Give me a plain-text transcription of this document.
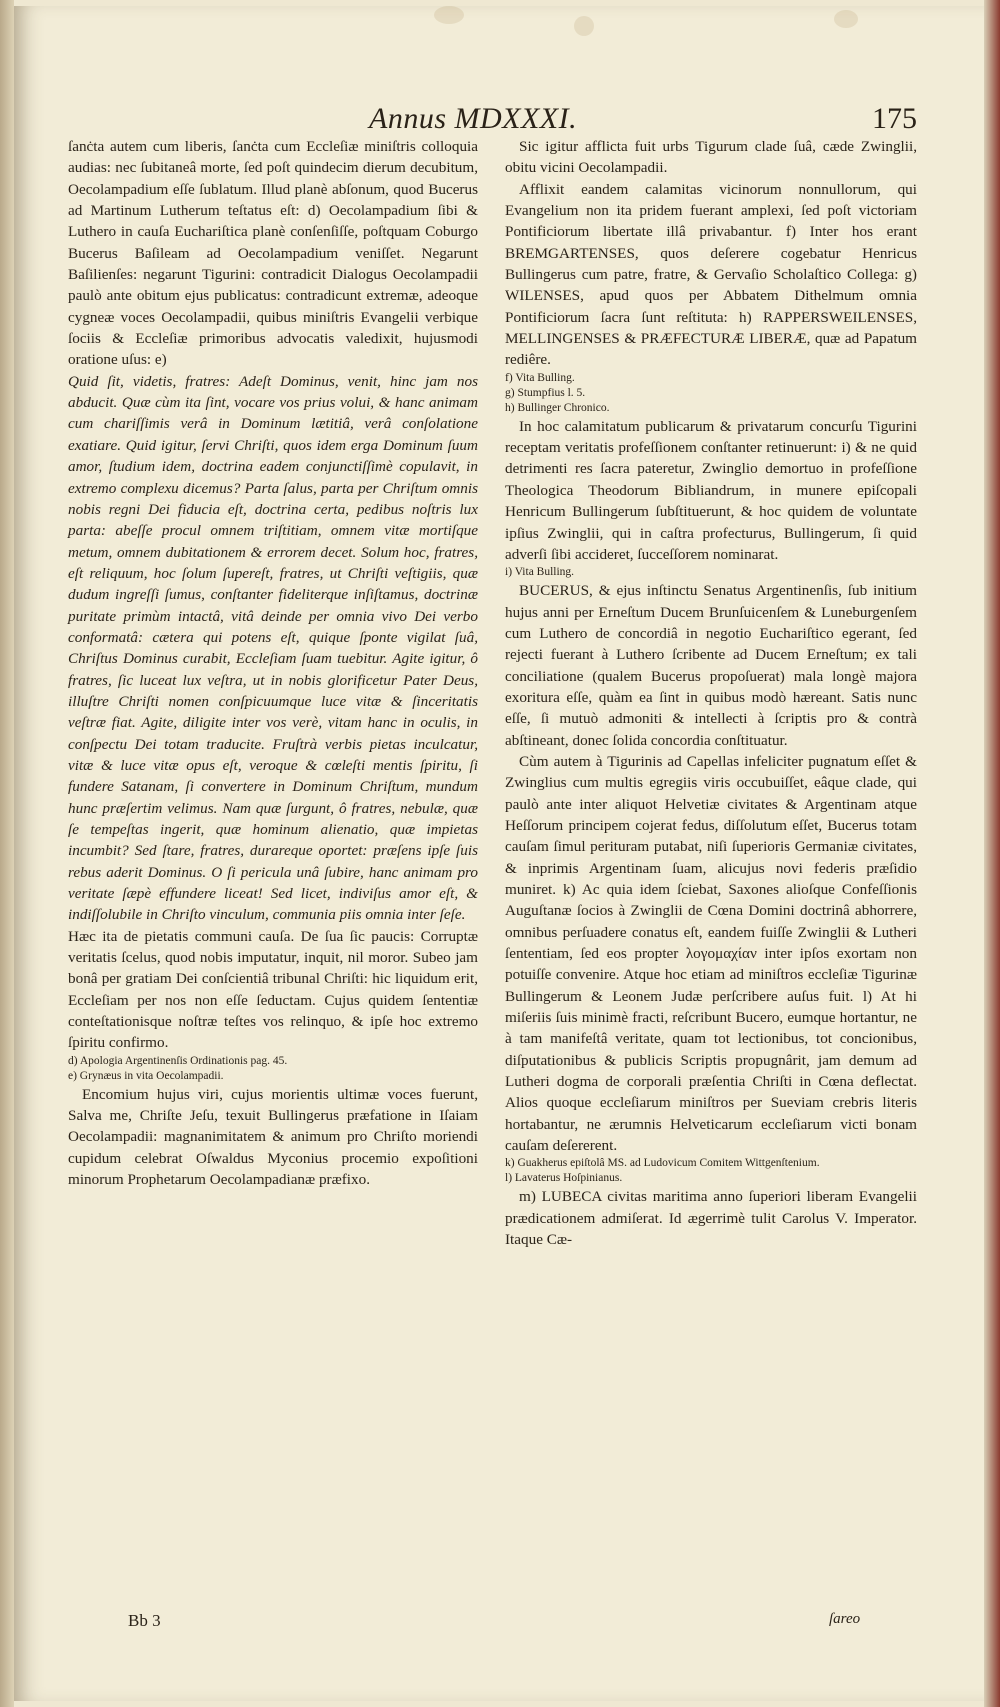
Annus MDXXXI.	175

ſanċta autem cum liberis, ſanċta cum Eccleſiæ miniſtris colloquia audias: nec ſubitaneâ morte, ſed poſt quindecim dierum decubitum, Oecolampadium eſſe ſublatum. Illud planè abſonum, quod Bucerus ad Martinum Lutherum teſtatus eſt: d) Oecolampadium ſibi & Luthero in cauſa Euchariſtica planè conſenſiſſe, poſtquam Coburgo Bucerus Baſileam ad Oecolampadium veniſſet. Negarunt Baſilienſes: negarunt Tigurini: contradicit Dialogus Oecolampadii paulò ante obitum ejus publicatus: contradicunt extremæ, adeoque cygneæ voces Oecolampadii, quibus miniſtris Evangelii verbique ſociis & Eccleſiæ primoribus advocatis valedixit, hujusmodi oratione uſus: e)

Quid ſit, videtis, fratres: Adeſt Dominus, venit, hinc jam nos abducit. Quæ cùm ita ſint, vocare vos prius volui, & hanc animam cum chariſſimis verâ in Dominum lætitiâ, verâ conſolatione exatiare. Quid igitur, ſervi Chriſti, quos idem erga Dominum ſuum amor, ſtudium idem, doctrina eadem conjunctiſſimè copulavit, in extremo complexu dicemus? Parta ſalus, parta per Chriſtum omnis nobis regni Dei fiducia eſt, doctrina certa, pedibus noſtris lux parta: abeſſe procul omnem triſtitiam, omnem vitæ mortiſque metum, omnem dubitationem & errorem decet. Solum hoc, fratres, eſt reliquum, hoc ſolum ſupereſt, fratres, ut Chriſti veſtigiis, quæ dudum ingreſſi ſumus, conſtanter fideliterque inſiſtamus, doctrinæ puritate primùm intactâ, vitâ deinde per omnia vivo Dei verbo conformatâ: cætera qui potens eſt, quique ſponte vigilat ſuâ, Chriſtus Dominus curabit, Eccleſiam ſuam tuebitur. Agite igitur, ô fratres, ſic luceat lux veſtra, ut in nobis glorificetur Pater Deus, illuſtre Chriſti nomen conſpicuumque luce vitæ & ſinceritatis veſtræ fiat. Agite, diligite inter vos verè, vitam hanc in oculis, in conſpectu Dei totam traducite. Fruſtrà verbis pietas inculcatur, vitæ & luce vitæ opus eſt, veroque & cœleſti mentis ſpiritu, ſi fundere Satanam, ſi convertere in Dominum Chriſtum, mundum hunc præſertim velimus. Nam quæ ſurgunt, ô fratres, nebulæ, quæ ſe tempeſtas ingerit, quæ hominum alienatio, quæ impietas incumbit? Sed ſtare, fratres, durareque oportet: præſens ipſe ſuis rebus aderit Dominus. O ſi pericula unâ ſubire, hanc animam pro veritate ſæpè effundere liceat! Sed licet, indiviſus amor eſt, & indiſſolubile in Chriſto vinculum, communia piis omnia inter ſeſe.

Hæc ita de pietatis communi cauſa. De ſua ſic paucis: Corruptæ veritatis ſcelus, quod nobis imputatur, inquit, nil moror. Subeo jam bonâ per gratiam Dei conſcientiâ tribunal Chriſti: hic liquidum erit, Eccleſiam per nos non eſſe ſeductam. Cujus quidem ſententiæ conteſtationisque noſtræ teſtes vos relinquo, & ipſe hoc extremo ſpiritu confirmo.

d) Apologia Argentinenſis Ordinationis pag. 45.

e) Grynæus in vita Oecolampadii.

Encomium hujus viri, cujus morientis ultimæ voces fuerunt, Salva me, Chriſte Jeſu, texuit Bullingerus præfatione in Iſaiam Oecolampadii: magnanimitatem & animum pro Chriſto moriendi cupidum celebrat Oſwaldus Myconius procemio expoſitioni minorum Prophetarum Oecolampadianæ præfixo.

Sic igitur afflicta fuit urbs Tigurum clade ſuâ, cæde Zwinglii, obitu vicini Oecolampadii.

Afflixit eandem calamitas vicinorum nonnullorum, qui Evangelium non ita pridem fuerant amplexi, ſed poſt victoriam Pontificiorum libertate illâ privabantur. f) Inter hos erant BREMGARTENSES, quos deſerere cogebatur Henricus Bullingerus cum patre, fratre, & Gervaſio Scholaſtico Collega: g) WILENSES, apud quos per Abbatem Dithelmum omnia Pontificiorum ſacra ſunt reſtituta: h) RAPPERSWEILENSES, MELLINGENSES & PRÆFECTURÆ LIBERÆ, quæ ad Papatum rediêre.

f) Vita Bulling.

g) Stumpfius l. 5.

h) Bullinger Chronico.

In hoc calamitatum publicarum & privatarum concurſu Tigurini receptam veritatis profeſſionem conſtanter retinuerunt: i) & ne quid detrimenti res ſacra pateretur, Zwinglio demortuo in profeſſione Theologica Theodorum Bibliandrum, in munere epiſcopali Henricum Bullingerum ſubſtituerunt, & hoc quidem de voluntate ipſius Zwinglii, qui in caſtra profecturus, Bullingerum, ſi quid adverſi ſibi accideret, ſucceſſorem nominarat.

i) Vita Bulling.

BUCERUS, & ejus inſtinctu Senatus Argentinenſis, ſub initium hujus anni per Erneſtum Ducem Brunſuicenſem & Luneburgenſem cum Luthero de concordiâ in negotio Euchariſtico egerant, ſed rejecti fuerant à Luthero ſcribente ad Ducem Erneſtum; ex tali conciliatione (qualem Bucerus propoſuerat) mala longè majora exoritura eſſe, quàm ea ſint in quibus modò hæreant. Satis nunc eſſe, ſi mutuò admoniti & intellecti à ſcriptis pro & contrà abſtineant, donec ſolida concordia conſtituatur.

Cùm autem à Tigurinis ad Capellas infeliciter pugnatum eſſet & Zwinglius cum multis egregiis viris occubuiſſet, eâque clade, qui paulò ante inter aliquot Helvetiæ civitates & Argentinam atque Heſſorum principem cojerat fedus, diſſolutum eſſet, Bucerus totam cauſam ſimul perituram putabat, niſi ſuperioris Germaniæ civitates, & inprimis Argentinam ſuam, alicujus novi federis præſidio muniret. k) Ac quia idem ſciebat, Saxones alioſque Confeſſionis Auguſtanæ ſocios à Zwinglii de Cœna Domini doctrinâ abhorrere, omnibus perſuadere conatus eſt, eandem fuiſſe Zwinglii & Lutheri ſententiam, ſed eos propter λογομαχίαν inter ipſos exortam non potuiſſe convenire. Atque hoc etiam ad miniſtros eccleſiæ Tigurinæ Bullingerum & Leonem Judæ perſcribere auſus fuit. l) At hi miſeriis ſuis minimè fracti, reſcribunt Bucero, eumque hortantur, ne à tam manifeſtâ veritate, quam tot lectionibus, tot concionibus, diſputationibus & publicis Scriptis propugnârit, jam demum ad Lutheri dogma de corporali præſentia Chriſti in Cœna deflectat. Alios quoque eccleſiarum miniſtros per Sueviam crebris literis hortabantur, ne ærumnis Helveticarum eccleſiarum victi bonam cauſam deſererent.

k) Guakherus epiſtolâ MS. ad Ludovicum Comitem Wittgenſtenium.

l) Lavaterus Hoſpinianus.

m) LUBECA civitas maritima anno ſuperiori liberam Evangelii prædicationem admiſerat. Id ægerrimè tulit Carolus V. Imperator. Itaque Cæ-

Bb 3	ſareo
